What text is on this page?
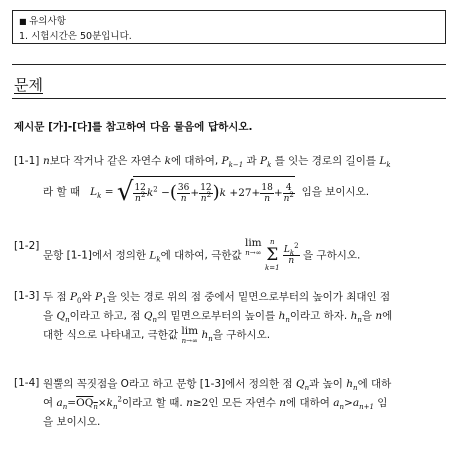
■ 유의사항
1. 시험시간은 50분입니다.
문제
제시문 [가]-[다]를 참고하여 다음 물음에 답하시오.
[1-1] n보다 작거나 같은 자연수 k에 대하여, $P_{k-1}$ 과 $P_k$ 를 잇는 경로의 길이를 $L_k$
라 할 때 $L_k$ = √ $\frac{12}{n^2} k^2$ −( $\frac{36}{n} + \frac{12}{n^2} )k +27+ \frac{18}{n} + \frac{4}{n^2}$ 임을 보이시오.
[1-2]
문항 [1-1]에서 정의한 $L_k$에 대하여, 극한값 lim
n→∞

n
Σ
k=1

$\frac{L_k^2}{n}$ 을 구하시오.
[1-3] 두 점 $P_0$와 $P_1$을 잇는 경로 위의 점 중에서 밑면으로부터의 높이가 최대인 점
을 $Q_n$이라고 하고, 점 $Q_n$의 밑면으로부터의 높이를 $h_n$이라고 하자. $h_n$을 n에
대한 식으로 나타내고, 극한값 lim
n→∞ $h_n$을 구하시오.
[1-4] 원뿔의 꼭짓점을 O라고 하고 문항 [1-3]에서 정의한 점 $Q_n$과 높이 $h_n$에 대하
여 $a_n=OQ_n\times k_n^2$이라고 할 때. n≥2인 모든 자연수 n에 대하여 $a_n>a_{n+1}$ 임
을 보이시오.
